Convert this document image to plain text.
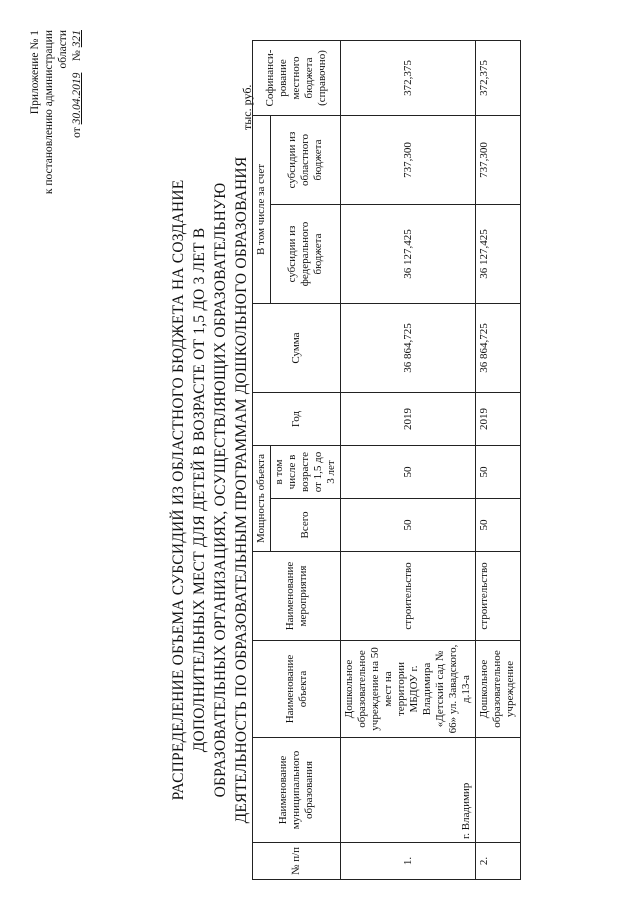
Приложение № 1 к постановлению администрации области
от 30.04.2019    № 321
РАСПРЕДЕЛЕНИЕ ОБЪЕМА СУБСИДИЙ ИЗ ОБЛАСТНОГО БЮДЖЕТА НА СОЗДАНИЕ ДОПОЛНИТЕЛЬНЫХ МЕСТ ДЛЯ ДЕТЕЙ В ВОЗРАСТЕ ОТ 1,5 ДО 3 ЛЕТ В ОБРАЗОВАТЕЛЬНЫХ ОРГАНИЗАЦИЯХ, ОСУЩЕСТВЛЯЮЩИХ ОБРАЗОВАТЕЛЬНУЮ ДЕЯТЕЛЬНОСТЬ ПО ОБРАЗОВАТЕЛЬНЫМ ПРОГРАММАМ ДОШКОЛЬНОГО ОБРАЗОВАНИЯ
тыс. руб.
№ п/п	Наименование муниципального образования	Наименование объекта	Наименование мероприятия	Мощность объекта		Год	Сумма	В том числе за счет		Софинанси-рование местного бюджета (справочно)
				Всего	в том числе в возрасте от 1,5 до 3 лет			субсидии из федерального бюджета	субсидии из областного бюджета	
1.	г. Владимир	Дошкольное образовательное учреждение на 50 мест на территории МБДОУ г. Владимира «Детский сад № 66» ул. Завадского, д.13-а	строительство	50	50	2019	36 864,725	36 127,425	737,300	372,375
2.		Дошкольное образовательное учреждение	строительство	50	50	2019	36 864,725	36 127,425	737,300	372,375
